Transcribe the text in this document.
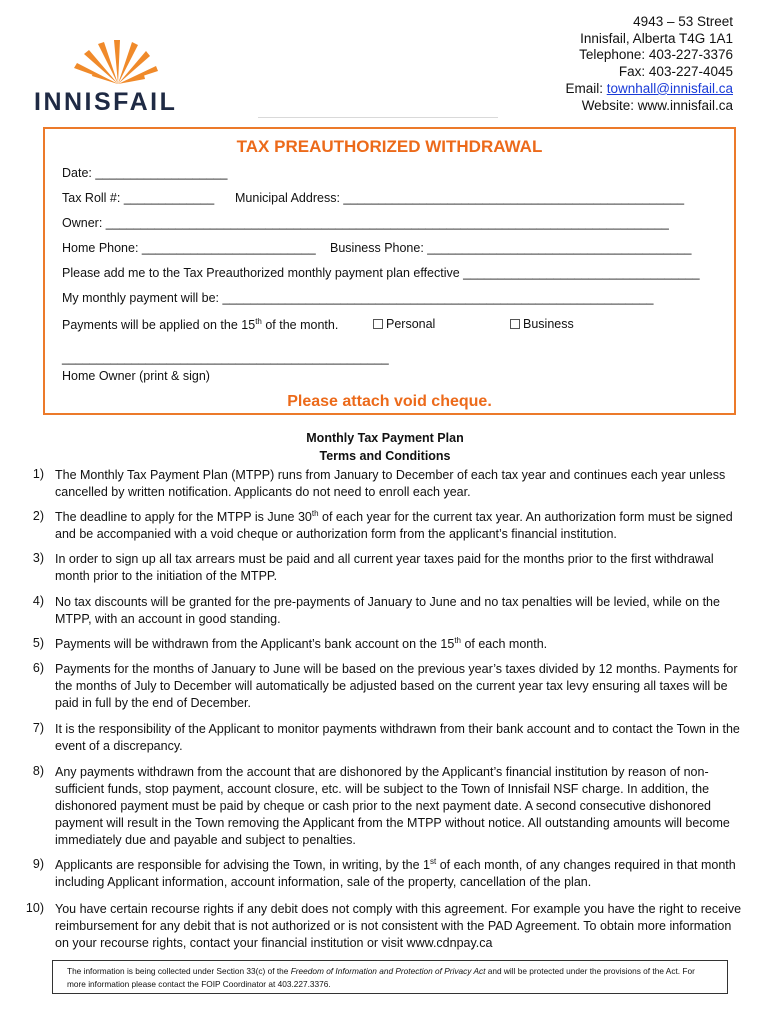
INNISFAIL
4943 – 53 Street
Innisfail, Alberta T4G 1A1
Telephone: 403-227-3376
Fax: 403-227-4045
Email: townhall@innisfail.ca
Website: www.innisfail.ca
TAX PREAUTHORIZED WITHDRAWAL
Date: ___________________
Tax Roll #: _____________ Municipal Address: _________________________________________________
Owner: _________________________________________________________________________________
Home Phone: _________________________ Business Phone: ______________________________________
Please add me to the Tax Preauthorized monthly payment plan effective __________________________________
My monthly payment will be: ______________________________________________________________
Payments will be applied on the 15th of the month.	Personal	Business
_______________________________________________
Home Owner (print & sign)
Please attach void cheque.
Monthly Tax Payment Plan
Terms and Conditions
1) The Monthly Tax Payment Plan (MTPP) runs from January to December of each tax year and continues each year unless cancelled by written notification. Applicants do not need to enroll each year.
2) The deadline to apply for the MTPP is June 30th of each year for the current tax year. An authorization form must be signed and be accompanied with a void cheque or authorization form from the applicant’s financial institution.
3) In order to sign up all tax arrears must be paid and all current year taxes paid for the months prior to the first withdrawal month prior to the initiation of the MTPP.
4) No tax discounts will be granted for the pre-payments of January to June and no tax penalties will be levied, while on the MTPP, with an account in good standing.
5) Payments will be withdrawn from the Applicant’s bank account on the 15th of each month.
6) Payments for the months of January to June will be based on the previous year’s taxes divided by 12 months. Payments for the months of July to December will automatically be adjusted based on the current year tax levy ensuring all taxes will be paid in full by the end of December.
7) It is the responsibility of the Applicant to monitor payments withdrawn from their bank account and to contact the Town in the event of a discrepancy.
8) Any payments withdrawn from the account that are dishonored by the Applicant’s financial institution by reason of non-sufficient funds, stop payment, account closure, etc. will be subject to the Town of Innisfail NSF charge. In addition, the dishonored payment must be paid by cheque or cash prior to the next payment date. A second consecutive dishonored payment will result in the Town removing the Applicant from the MTPP without notice. All outstanding amounts will become immediately due and payable and subject to penalties.
9) Applicants are responsible for advising the Town, in writing, by the 1st of each month, of any changes required in that month including Applicant information, account information, sale of the property, cancellation of the plan.
10) You have certain recourse rights if any debit does not comply with this agreement. For example you have the right to receive reimbursement for any debit that is not authorized or is not consistent with the PAD Agreement. To obtain more information on your recourse rights, contact your financial institution or visit www.cdnpay.ca
The information is being collected under Section 33(c) of the Freedom of Information and Protection of Privacy Act and will be protected under the provisions of the Act. For more information please contact the FOIP Coordinator at 403.227.3376.
